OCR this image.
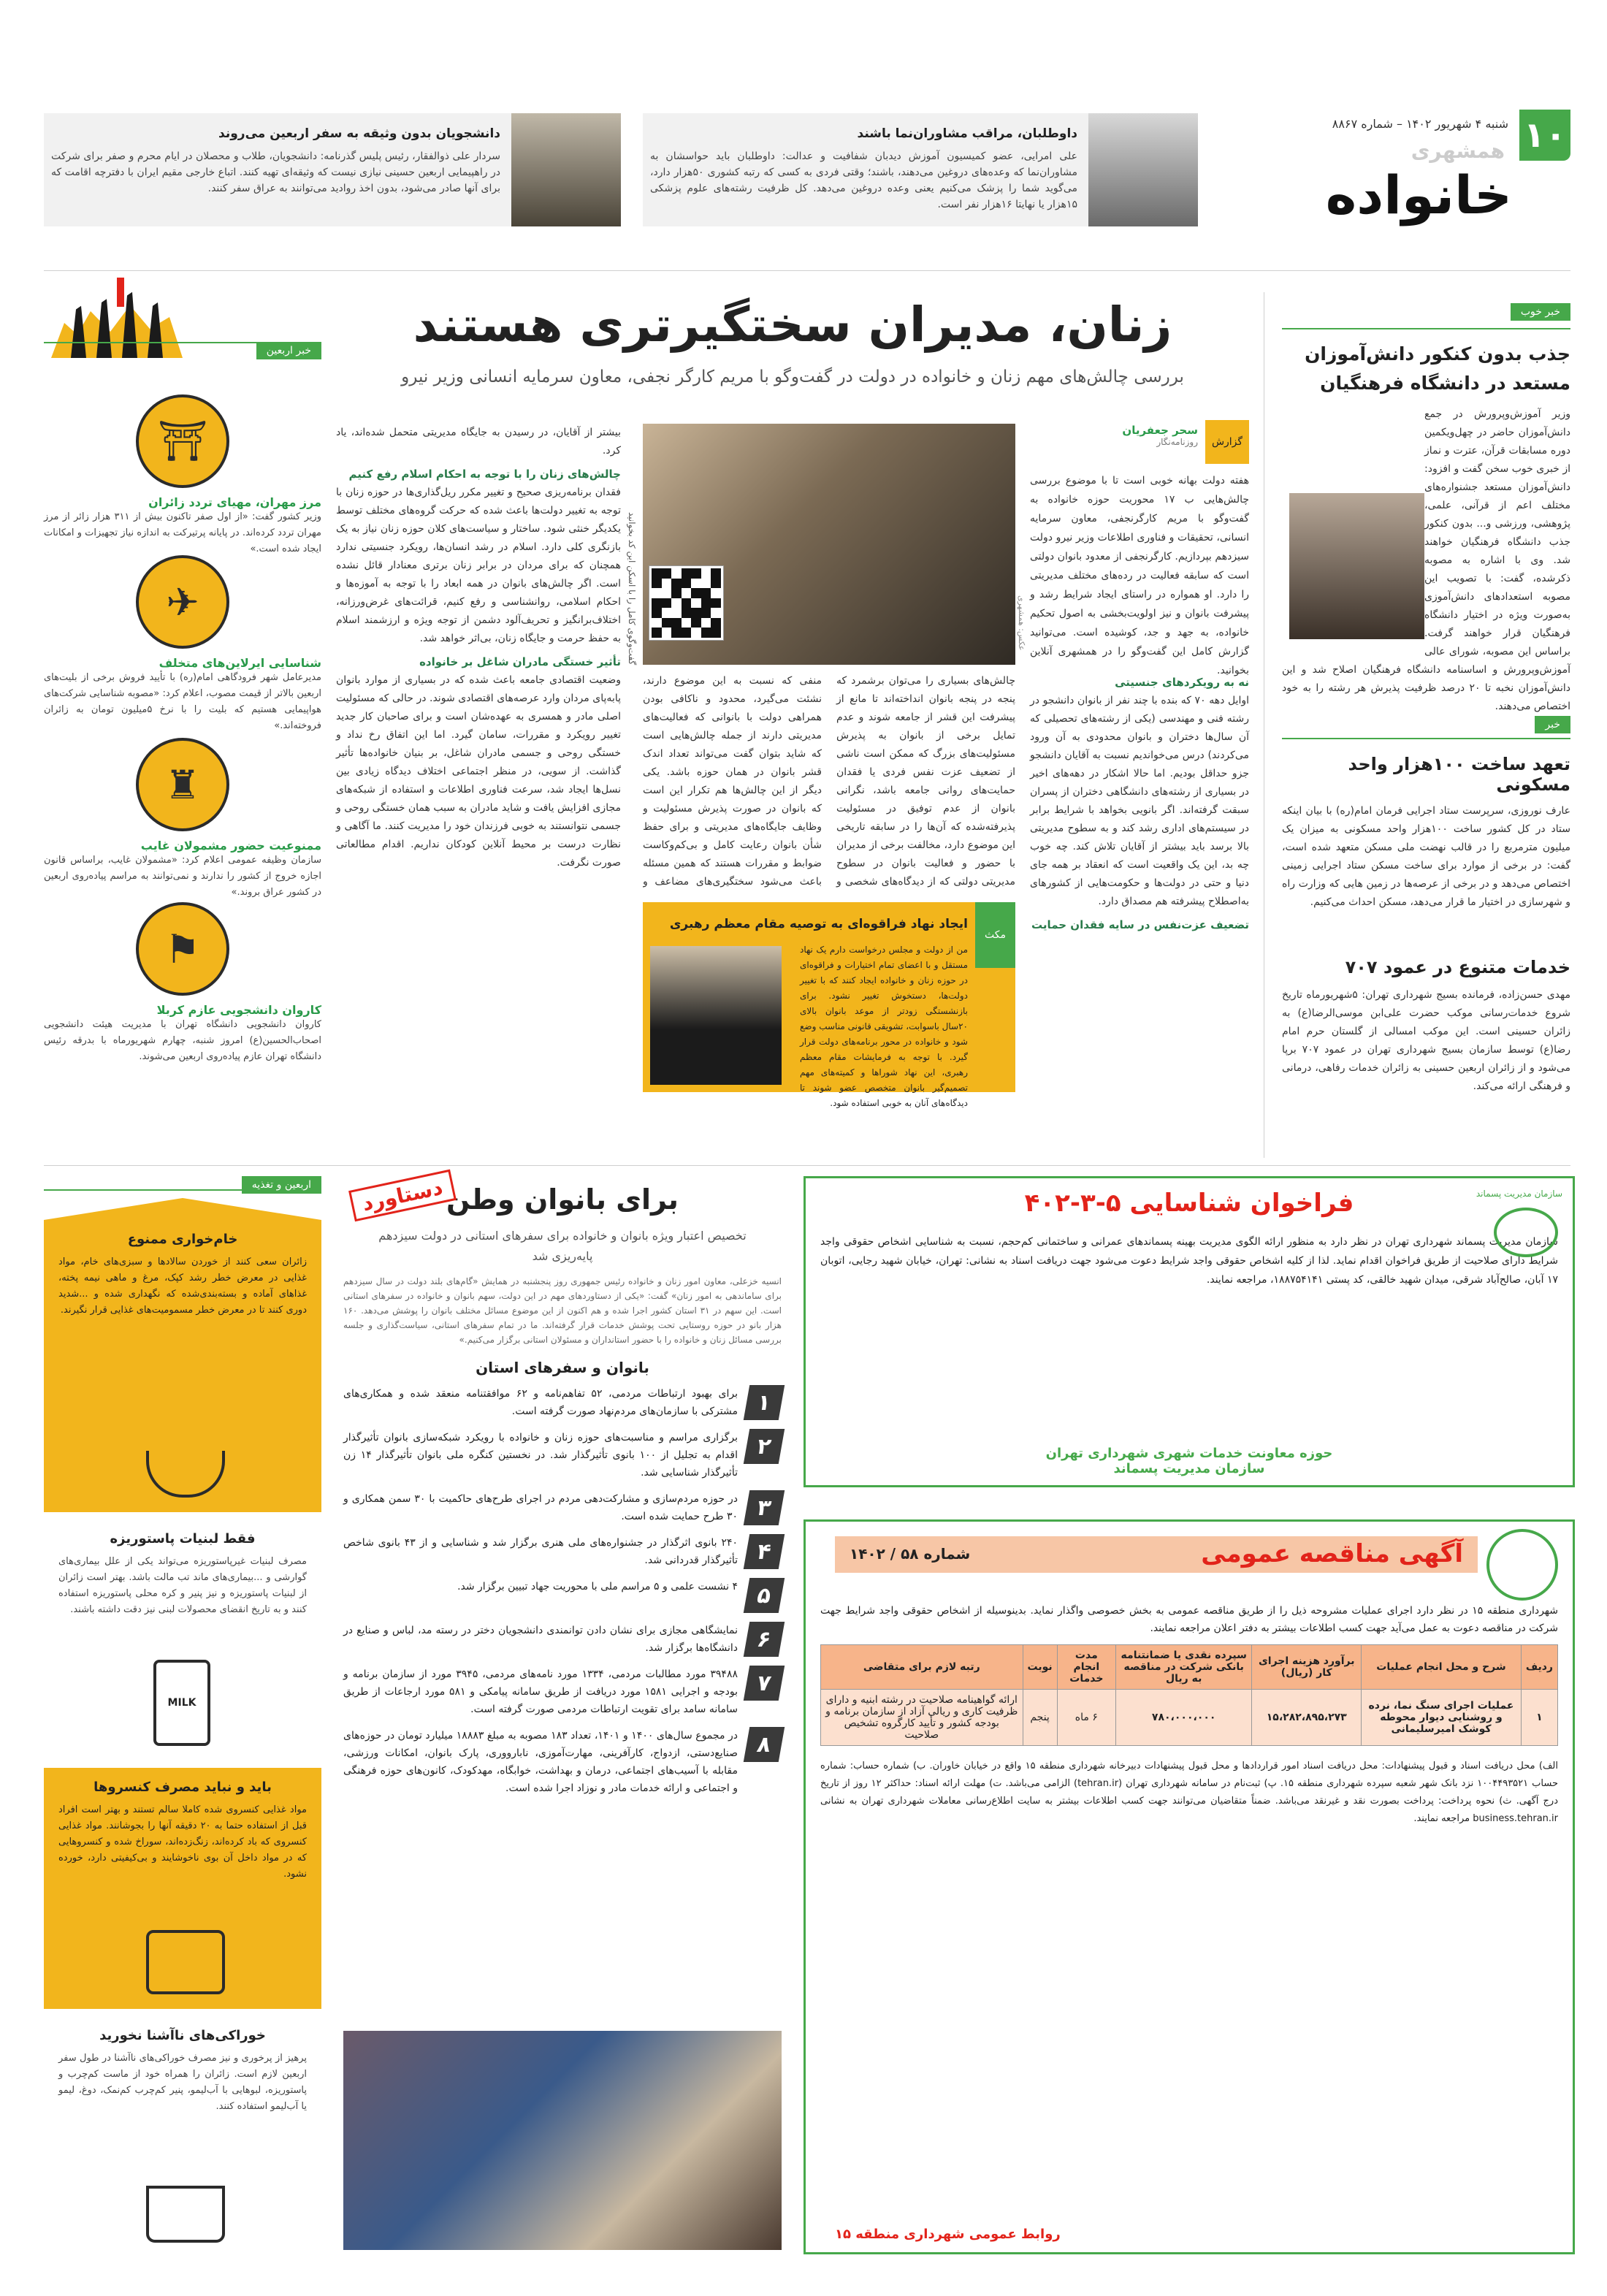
۱۰
شنبه ۴ شهریور ۱۴۰۲ – شماره ۸۸۶۷
همشهری
خانواده
داوطلبان، مراقب مشاوران‌نما باشند
علی امرایی، عضو کمیسیون آموزش دیدبان شفافیت و عدالت: داوطلبان باید حواسشان به مشاوران‌نما که وعده‌های دروغین می‌دهند، باشند؛ وقتی فردی به کسی که رتبه کشوری ۵۰هزار دارد، می‌گوید شما را پزشک می‌کنیم یعنی وعده دروغین می‌دهد. کل ظرفیت رشته‌های علوم پزشکی ۱۵هزار یا نهایتا ۱۶هزار نفر است.
دانشجویان بدون وثیقه به سفر اربعین می‌روند
سردار علی ذوالفقار، رئیس پلیس گذرنامه: دانشجویان، طلاب و محصلان در ایام محرم و صفر برای شرکت در راهپیمایی اربعین حسینی نیازی نیست که وثیقه‌ای تهیه کنند. اتباع خارجی مقیم ایران با دفترچه اقامت که برای آنها صادر می‌شود، بدون اخذ روادید می‌توانند به عراق سفر کنند.
خبر خوب
جذب بدون کنکور دانش‌آموزان مستعد در دانشگاه فرهنگیان
وزیر آموزش‌وپرورش در جمع دانش‌آموزان حاضر در چهل‌ویکمین دوره مسابقات قرآن، عترت و نماز از خبری خوب سخن گفت و افزود: دانش‌آموزان مستعد جشنواره‌های مختلف اعم از قرآنی، علمی، پژوهشی، ورزشی و... بدون کنکور جذب دانشگاه فرهنگیان خواهند شد. وی با اشاره به مصوبه ذکرشده، گفت: با تصویب این مصوبه استعدادهای دانش‌آموزی به‌صورت ویژه در اختیار دانشگاه فرهنگیان قرار خواهند گرفت. براساس این مصوبه، شورای عالی آموزش‌وپرورش و اساسنامه دانشگاه فرهنگیان اصلاح شد و این دانش‌آموزان نخبه تا ۲۰ درصد ظرفیت پذیرش هر رشته را به خود اختصاص می‌دهند.
خبر
تعهد ساخت ۱۰۰هزار واحد مسکونی
عارف نوروزی، سرپرست ستاد اجرایی فرمان امام(ره) با بیان اینکه ستاد در کل کشور ساخت ۱۰۰هزار واحد مسکونی به میزان یک میلیون مترمربع را در قالب نهضت ملی مسکن متعهد شده است، گفت: در برخی از موارد برای ساخت مسکن ستاد اجرایی زمینی اختصاص می‌دهد و در برخی از عرصه‌ها در زمین هایی که وزارت راه و شهرسازی در اختیار ما قرار می‌دهد، مسکن احداث می‌کنیم.
خدمات متنوع در عمود ۷۰۷
مهدی حسن‌زاده، فرمانده بسیج شهرداری تهران: ۵شهریورماه تاریخ شروع خدمات‌رسانی موکب حضرت علی‌ابن موسی‌الرضا(ع) به زائران حسینی است. این موکب امسالی از گلستان حرم امام رضا(ع) توسط سازمان بسیج شهرداری تهران در عمود ۷۰۷ برپا می‌شود و از زائران اربعین حسینی به زائران خدمات رفاهی، درمانی و فرهنگی ارائه می‌کند.
زنان، مدیران سختگیرتری هستند
بررسی چالش‌های مهم زنان و خانواده در دولت در گفت‌وگو با مریم کارگر نجفی، معاون سرمایه انسانی وزیر نیرو
گزارش
سحر جعفریان
روزنامه‌نگار
هفته دولت بهانه خوبی است تا با موضوع بررسی چالش‌هایی ب ۱۷ محوریت حوزه خانواده به گفت‌وگو با مریم کارگرنجفی، معاون سرمایه انسانی، تحقیقات و فناوری اطلاعات وزیر نیرو دولت سیزدهم بپردازیم. کارگرنجفی از معدود بانوان دولتی است که سابقه فعالیت در رده‌های مختلف مدیریتی را دارد. او همواره در راستای ایجاد شرایط رشد و پیشرفت بانوان و نیز اولویت‌بخشی به اصول تحکیم خانواده، به جهد و جد، کوشیده است. می‌توانید گزارش کامل این گفت‌وگو را در همشهری آنلاین بخوانید.
عکس: همشهری
گفت‌وگوی کامل را با اسکن این کد بخوانید
بیشتر از آقایان، در رسیدن به جایگاه مدیریتی متحمل شده‌اند، یاد کرد.
چالش‌های زنان را با توجه به احکام اسلام رفع کنیم
فقدان برنامه‌ریزی صحیح و تغییر مکرر ریل‌گذاری‌ها در حوزه زنان با توجه به تغییر دولت‌ها باعث شده که حرکت گروه‌های مختلف توسط یکدیگر خنثی شود. ساختار و سیاست‌های کلان حوزه زنان نیاز به یک بازنگری کلی دارد. اسلام در رشد انسان‌ها، رویکرد جنسیتی ندارد همچنان که برای مردان در برابر زنان برتری معنادار قائل نشده است. اگر چالش‌های بانوان در همه ابعاد را با توجه به آموزه‌ها و احکام اسلامی، روانشناسی و رفع کنیم، قرائت‌های غرض‌ورزانه، اختلاف‌برانگیز و تحریف‌آلود دشمن از توجه ویژه و ارزشمند اسلام به حفظ حرمت و جایگاه زنان، بی‌اثر خواهد شد.
تأثیر خستگی مادران شاغل بر خانواده
وضعیت اقتصادی جامعه باعث شده که در بسیاری از موارد بانوان پابه‌پای مردان وارد عرصه‌های اقتصادی شوند. در حالی که مسئولیت اصلی مادر و همسری به عهده‌شان است و برای صاحبان کار جدید تغییر رویکرد و مقررات، سامان گیرد. اما این اتفاق رخ نداد و خستگی روحی و جسمی مادران شاغل، بر بنیان خانواده‌ها تأثیر گذاشت. از سویی، در منظر اجتماعی اختلاف دیدگاه زیادی بین نسل‌ها ایجاد شد، سرعت فناوری اطلاعات و استفاده از شبکه‌های مجازی افزایش یافت و شاید مادران به سبب همان خستگی روحی و جسمی نتوانستند به خوبی فرزندان خود را مدیریت کنند. ما آگاهی و نظارت درست بر محیط آنلاین کودکان نداریم. اقدام مطالعاتی صورت نگرفت.
نه به رویکردهای جنسیتی
اوایل دهه ۷۰ که بنده با چند نفر از بانوان دانشجو در رشته فنی و مهندسی (یکی از رشته‌های تحصیلی که آن سال‌ها دختران و بانوان محدودی به آن ورود می‌کردند) درس می‌خواندیم نسبت به آقایان دانشجو جزو حداقل بودیم. اما حالا اشکار در دهه‌های اخیر در بسیاری از رشته‌های دانشگاهی دختران از پسران سبقت گرفته‌اند. اگر بانویی بخواهد با شرایط برابر در سیستم‌های اداری رشد کند و به سطوح مدیریتی بالا برسد باید بیشتر از آقایان تلاش کند. چه خوب چه بد، این یک واقعیت است که انعقاد بر همه جای دنیا و حتی در دولت‌ها و حکومت‌هایی از کشورهای به‌اصطلاح پیشرفته هم مصداق دارد.
تضعیف عزت‌نفس در سایه فقدان حمایت
چالش‌های بسیاری را می‌توان برشمرد که پنجه در پنجه بانوان انداخته‌اند تا مانع از پیشرفت این قشر از جامعه شوند و عدم تمایل برخی از بانوان به پذیرش مسئولیت‌های بزرگ که ممکن است ناشی از تضعیف عزت نفس فردی یا فقدان حمایت‌های روانی جامعه باشد، نگرانی بانوان از عدم توفیق در مسئولیت پذیرفته‌شده که آن‌ها را در سابقه تاریخی این موضوع دارد، مخالفت برخی از مدیران با حضور و فعالیت بانوان در سطوح مدیریتی دولتی که از دیدگاه‌های شخصی و منفی که نسبت به این موضوع دارند، نشئت می‌گیرد، محدود و ناکافی بودن همراهی دولت با بانوانی که فعالیت‌های مدیریتی دارند از جمله چالش‌هایی است که شاید بتوان گفت می‌تواند تعداد اندک قشر بانوان در همان حوزه باشد. یکی دیگر از این چالش‌ها هم تکرار این است که بانوان در صورت پذیرش مسئولیت و وظایف جایگاه‌های مدیریتی و برای حفظ شأن بانوان رعایت کامل و بی‌کم‌وکاست ضوابط و مقررات هستند که همین مسئله باعث می‌شود سختگیری‌های مضاعف و
مکث
ایجاد نهاد فراقوه‌ای به توصیه مقام معظم رهبری
من از دولت و مجلس درخواست دارم یک نهاد مستقل و با اعضای تمام اختیارات و فراقوه‌ای در حوزه زنان و خانواده ایجاد کنند که با تغییر دولت‌ها، دستخوش تغییر نشود. برای بازنشستگی زودتر از موعد بانوان بالای ۲۰سال باسوابت، تشویقی قانونی مناسب وضع شود و خانواده در محور برنامه‌های دولت قرار گیرد. با توجه به فرمایشات مقام معظم رهبری، این نهاد شوراها و کمیته‌های مهم تصمیم‌گیر بانوان متخصص عضو شوند تا دیدگاه‌های آنان به خوبی استفاده شود.
خبر اربعین
⛩
مرز مهران، مهیای تردد زائران
وزیر کشور گفت: «از اول صفر تاکنون بیش از ۳۱۱ هزار زائر از مرز مهران تردد کرده‌اند. در پایانه پرتیرکت به اندازه نیاز تجهیزات و امکانات ایجاد شده است.»
✈
شناسایی ایرلاین‌های متخلف
مدیرعامل شهر فرودگاهی امام(ره) با تأیید فروش برخی از بلیت‌های اربعین بالاتر از قیمت مصوب، اعلام کرد: «مصوبه شناسایی شرکت‌های هواپیمایی هستیم که بلیت را با نرخ ۵میلیون تومان به زائران فروخته‌اند.»
♜
ممنوعیت حضور مشمولان غایب
سازمان وظیفه عمومی اعلام کرد: «مشمولان غایب، براساس قانون اجازه خروج از کشور را ندارند و نمی‌توانند به مراسم پیاده‌روی اربعین در کشور عراق بروند.»
⚑
کاروان دانشجویی عازم کربلا
کاروان دانشجویی دانشگاه تهران با مدیریت هیئت دانشجویی اصحاب‌الحسین(ع) امروز شنبه، چهارم شهریورماه با بدرقه رئیس دانشگاه تهران عازم پیاده‌روی اربعین می‌شوند.
اربعین و تغذیه
خام‌خواری ممنوع
زائران سعی کنند از خوردن سالادها و سبزی‌های خام، مواد غذایی در معرض خطر رشد کپک، مرغ و ماهی نیمه پخته، غذاهای آماده و بسته‌بندی‌شده که نگهداری شده و ...شدید دوری کنند تا در معرض خطر مسمومیت‌های غذایی قرار نگیرند.
فقط لبنیات پاستوریزه
مصرف لبنیات غیرپاستوریزه می‌تواند یکی از علل بیماری‌های گوارشی و ...بیماری‌های ماند تب مالت باشد. بهتر است زائران از لبنیات پاستوریزه و نیز پنیر و کره محلی پاستوریزه استفاده کنند و به تاریخ انقضای محصولات لبنی نیز دقت داشته باشند.
MILK
باید و نباید مصرف کنسروها
مواد غذایی کنسروی شده کاملا سالم تستند و بهتر است افراد قبل از استفاده حتما به ۲۰ دقیقه آنها را بجوشانند. مواد غذایی کنسروی که باد کرده‌اند، زنگ‌زده‌اند، سوراخ شده و کنسروهایی که در مواد داخل آن بوی ناخوشایند و بی‌کیفیتی دارد، خورده نشود.
خوراکی‌های ناآشنا نخورید
پرهیز از پرخوری و نیز مصرف خوراکی‌های ناآشنا در طول سفر اربعین لازم است. زائران را همراه خود از ماست کم‌چرب و پاستوریزه، لبوهایی با آب‌لیمو، پنیر کم‌چرب کم‌نمک، دوغ، لیمو یا آب‌لیمو استفاده کنند.
دستاورد برای بانوان وطن
تخصیص اعتبار ویژه بانوان و خانواده برای سفرهای استانی در دولت سیزدهم پایه‌ریزی شد
انسیه خزعلی، معاون امور زنان و خانواده رئیس جمهوری روز پنجشنبه در همایش «گام‌های بلند دولت در سال سیزدهم برای ساماندهی به امور زنان» گفت: «یکی از دستاوردهای مهم در این دولت، سهم بانوان و خانواده در سفرهای استانی است. این سهم در ۳۱ استان کشور اجرا شده و هم اکنون از این موضوع مسائل مختلف بانوان را پوشش می‌دهد. ۱۶۰ هزار بانو در حوزه روستایی تحت پوشش خدمات قرار گرفته‌اند. ما در تمام سفرهای استانی، سیاست‌گذاری و جلسه بررسی مسائل زنان و خانواده را با حضور استانداران و مسئولان استانی برگزار می‌کنیم.»
بانوان و سفرهای استان
۱
برای بهبود ارتباطات مردمی، ۵۲ تفاهم‌نامه و ۶۲ موافقتنامه منعقد شده و همکاری‌های مشترکی با سازمان‌های مردم‌نهاد صورت گرفته است.
۲
برگزاری مراسم و مناسبت‌های حوزه زنان و خانواده با رویکرد شبکه‌سازی بانوان تأثیرگذار اقدام به تجلیل از ۱۰۰ بانوی تأثیرگذار شد. در نخستین کنگره ملی بانوان تأثیرگذار ۱۴ زن تأثیرگذار شناسایی شد.
۳
در حوزه مردم‌سازی و مشارکت‌دهی مردم در اجرای طرح‌های حاکمیت با ۳۰ سمن همکاری و ۳۰ طرح حمایت شده است.
۴
۲۴۰ بانوی اثرگذار در جشنواره‌های ملی هنری برگزار شد و شناسایی و از ۴۳ بانوی شاخص تأثیرگذار قدردانی شد.
۵
۴ نشست علمی و ۵ مراسم ملی با محوریت جهاد تبیین برگزار شد.
۶
نمایشگاهی مجازی برای نشان دادن توانمندی دانشجویان دختر در رسته مد، لباس و صنایع در دانشگاه‌ها برگزار شد.
۷
۳۹۴۸۸ مورد مطالبات مردمی، ۱۳۳۴ مورد نامه‌های مردمی، ۳۹۴۵ مورد از سازمان برنامه و بودجه و اجرایی ۱۵۸۱ مورد دریافت از طریق سامانه پیامکی و ۵۸۱ مورد ارجاعات از طریق سامانه سامد برای تقویت ارتباطات مردمی صورت گرفته است.
۸
در مجموع سال‌های ۱۴۰۰ و ۱۴۰۱، تعداد ۱۸۳ مصوبه به مبلغ ۱۸۸۸۳ میلیارد تومان در حوزه‌های صنایع‌دستی، ازدواج، کارآفرینی، مهارت‌آموزی، نابارووری، پارک بانوان، امکانات ورزشی، مقابله با آسیب‌های اجتماعی، درمان و بهداشت، خوابگاه، مهدکودک، کانون‌های حوزه فرهنگی و اجتماعی و ارائه خدمات مادر و نوزاد اجرا شده است.
فراخوان شناسایی ۵-۳-۴۰۲	سازمان مدیریت پسماند
سازمان مدیریت پسماند شهرداری تهران در نظر دارد به منظور ارائه الگوی مدیریت بهینه پسماندهای عمرانی و ساختمانی کم‌حجم، نسبت به شناسایی اشخاص حقوقی واجد شرایط دارای صلاحیت از طریق فراخوان اقدام نماید. لذا از کلیه اشخاص حقوقی واجد شرایط دعوت می‌شود جهت دریافت اسناد به نشانی: تهران، خیابان شهید رجایی، اتوبان ۱۷ آبان، صالح‌آباد شرقی، میدان شهید خالقی، کد پستی ۱۸۸۷۵۴۱۴۱، مراجعه نمایند.
حوزه معاونت خدمات شهری شهرداری تهران
سازمان مدیریت پسماند
آگهی مناقصه عمومی
شماره ۵۸ / ۱۴۰۲
شهرداری منطقه ۱۵ در نظر دارد اجرای عملیات مشروحه ذیل را از طریق مناقصه عمومی به بخش خصوصی واگذار نماید. بدینوسیله از اشخاص حقوقی واجد شرایط جهت شرکت در مناقصه دعوت به عمل می‌آید جهت کسب اطلاعات بیشتر به دفتر اعلان مراجعه نمایند.
ردیف	شرح و محل انجام عملیات	برآورد هزینه اجرای کار (ریال)	سپرده نقدی یا ضمانتنامه بانکی شرکت در مناقصه به ریال	مدت انجام خدمات	نوبت	رتبه لازم برای متقاضی
۱	عملیات اجرای سنگ نما، نرده و روشنایی دیوار محوطه کوشک امیرسلیمانی	۱۵،۲۸۲،۸۹۵،۲۷۳	۷۸۰،۰۰۰،۰۰۰	۶ ماه	پنجم	ارائه گواهینامه صلاحیت در رشته ابنیه و دارای ظرفیت کاری و ریالی آزاد از سازمان برنامه و بودجه کشور و تأیید کارگروه تشخیص صلاحیت
الف) محل دریافت اسناد و قبول پیشنهادات: محل دریافت اسناد امور قراردادها و محل قبول پیشنهادات دبیرخانه شهرداری منطقه ۱۵ واقع در خیابان خاوران. ب) شماره حساب: شماره حساب ۱۰۰۴۴۹۳۵۲۱ نزد بانک شهر شعبه سپرده شهرداری منطقه ۱۵. پ) ثبت‌نام در سامانه شهرداری تهران (tehran.ir) الزامی می‌باشد. ت) مهلت ارائه اسناد: حداکثر ۱۲ روز از تاریخ درج آگهی. ث) نحوه پرداخت: پرداخت بصورت نقد و غیرنقد می‌باشد. ضمناً متقاضیان می‌توانند جهت کسب اطلاعات بیشتر به سایت اطلاع‌رسانی معاملات شهرداری تهران به نشانی business.tehran.ir مراجعه نمایند.
روابط عمومی شهرداری منطقه ۱۵
